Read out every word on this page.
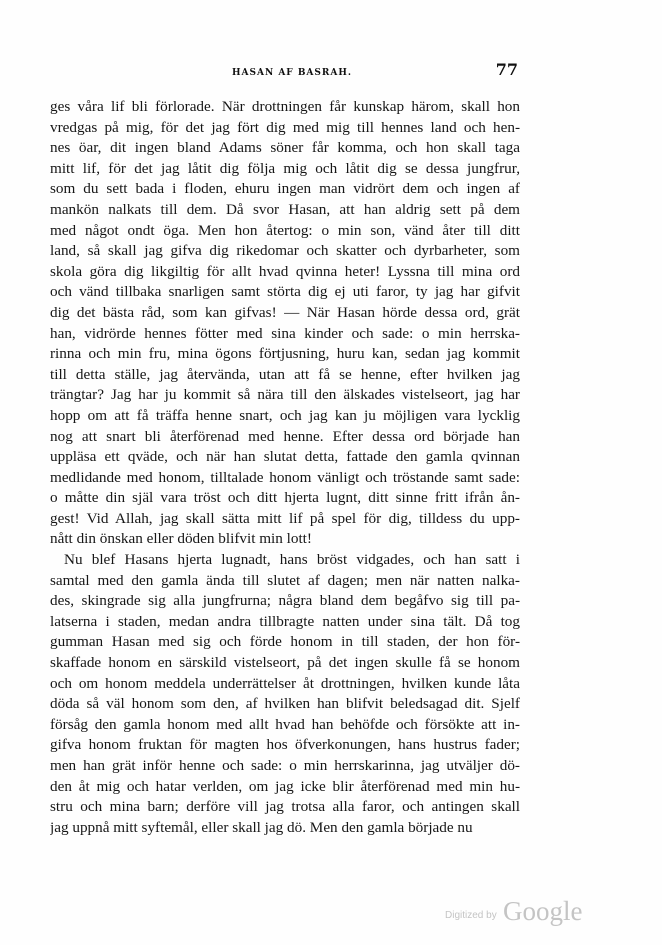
HASAN AF BASRAH.	77
ges våra lif bli förlorade. När drottningen får kunskap härom, skall hon
vredgas på mig, för det jag fört dig med mig till hennes land och hen-
nes öar, dit ingen bland Adams söner får komma, och hon skall taga
mitt lif, för det jag låtit dig följa mig och låtit dig se dessa jungfrur,
som du sett bada i floden, ehuru ingen man vidrört dem och ingen af
mankön nalkats till dem. Då svor Hasan, att han aldrig sett på dem
med något ondt öga. Men hon återtog: o min son, vänd åter till ditt
land, så skall jag gifva dig rikedomar och skatter och dyrbarheter, som
skola göra dig likgiltig för allt hvad qvinna heter! Lyssna till mina ord
och vänd tillbaka snarligen samt störta dig ej uti faror, ty jag har gifvit
dig det bästa råd, som kan gifvas! — När Hasan hörde dessa ord, grät
han, vidrörde hennes fötter med sina kinder och sade: o min herrska-
rinna och min fru, mina ögons förtjusning, huru kan, sedan jag kommit
till detta ställe, jag återvända, utan att få se henne, efter hvilken jag
trängtar? Jag har ju kommit så nära till den älskades vistelseort, jag har
hopp om att få träffa henne snart, och jag kan ju möjligen vara lycklig
nog att snart bli återförenad med henne. Efter dessa ord började han
uppläsa ett qväde, och när han slutat detta, fattade den gamla qvinnan
medlidande med honom, tilltalade honom vänligt och tröstande samt sade:
o måtte din själ vara tröst och ditt hjerta lugnt, ditt sinne fritt ifrån ån-
gest! Vid Allah, jag skall sätta mitt lif på spel för dig, tilldess du upp-
nått din önskan eller döden blifvit min lott!
Nu blef Hasans hjerta lugnadt, hans bröst vidgades, och han satt i
samtal med den gamla ända till slutet af dagen; men när natten nalka-
des, skingrade sig alla jungfrurna; några bland dem begåfvo sig till pa-
latserna i staden, medan andra tillbragte natten under sina tält. Då tog
gumman Hasan med sig och förde honom in till staden, der hon för-
skaffade honom en särskild vistelseort, på det ingen skulle få se honom
och om honom meddela underrättelser åt drottningen, hvilken kunde låta
döda så väl honom som den, af hvilken han blifvit beledsagad dit. Sjelf
försåg den gamla honom med allt hvad han behöfde och försökte att in-
gifva honom fruktan för magten hos öfverkonungen, hans hustrus fader;
men han grät inför henne och sade: o min herrskarinna, jag utväljer dö-
den åt mig och hatar verlden, om jag icke blir återförenad med min hu-
stru och mina barn; derföre vill jag trotsa alla faror, och antingen skall
jag uppnå mitt syftemål, eller skall jag dö. Men den gamla började nu
Digitized by Google
